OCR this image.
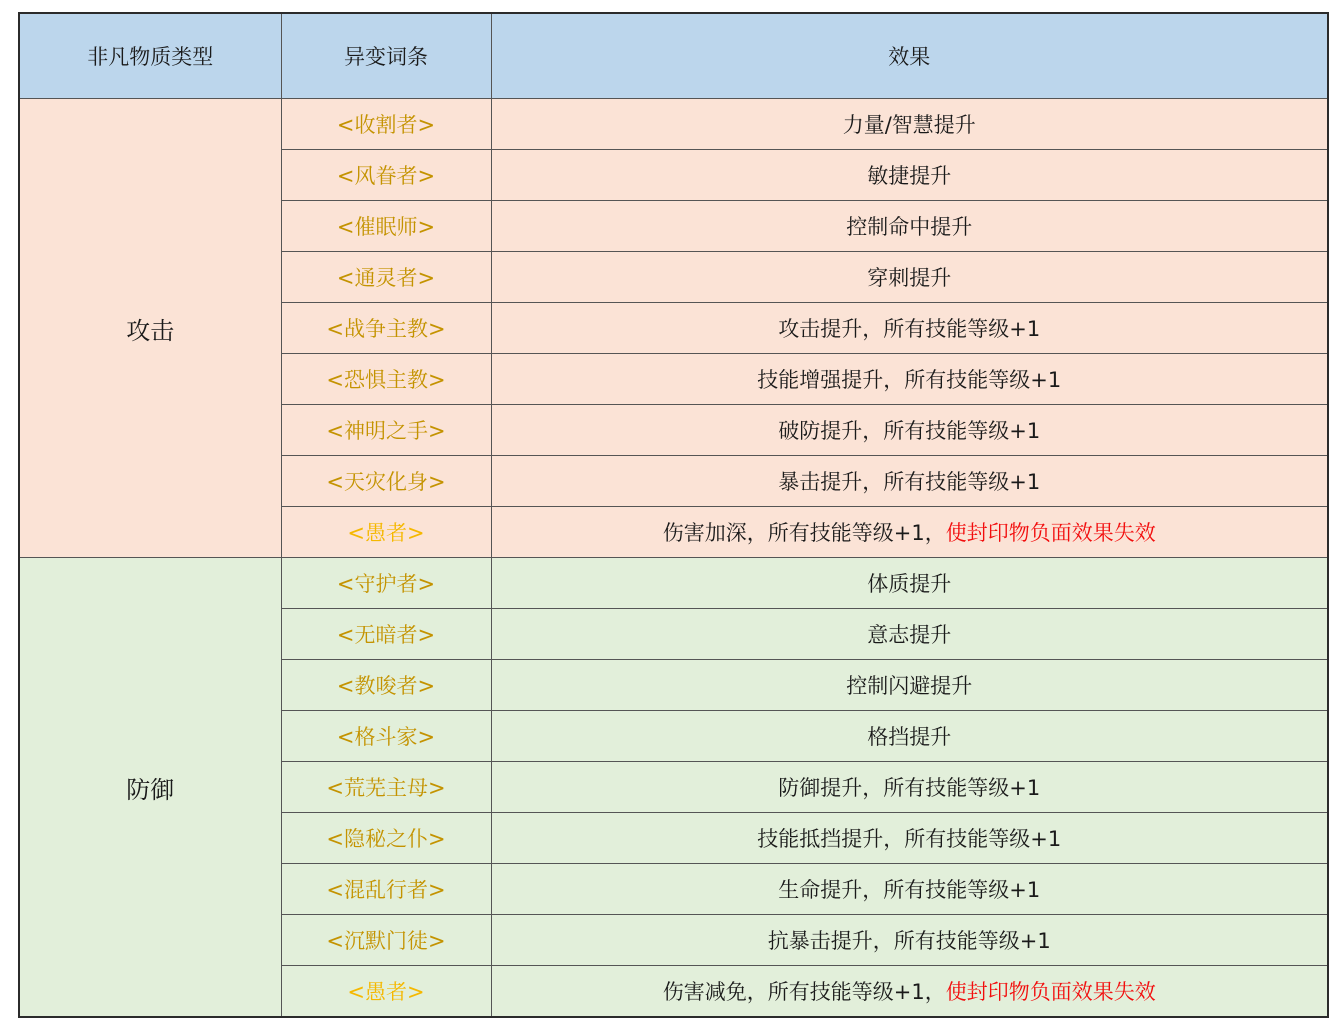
非凡物质类型	异变词条	效果
攻击	<收割者>	力量/智慧提升
	<风眷者>	敏捷提升
	<催眠师>	控制命中提升
	<通灵者>	穿刺提升
	<战争主教>	攻击提升，所有技能等级+1
	<恐惧主教>	技能增强提升，所有技能等级+1
	<神明之手>	破防提升，所有技能等级+1
	<天灾化身>	暴击提升，所有技能等级+1
	<愚者>	伤害加深，所有技能等级+1，使封印物负面效果失效
防御	<守护者>	体质提升
	<无暗者>	意志提升
	<教唆者>	控制闪避提升
	<格斗家>	格挡提升
	<荒芜主母>	防御提升，所有技能等级+1
	<隐秘之仆>	技能抵挡提升，所有技能等级+1
	<混乱行者>	生命提升，所有技能等级+1
	<沉默门徒>	抗暴击提升，所有技能等级+1
	<愚者>	伤害减免，所有技能等级+1，使封印物负面效果失效
